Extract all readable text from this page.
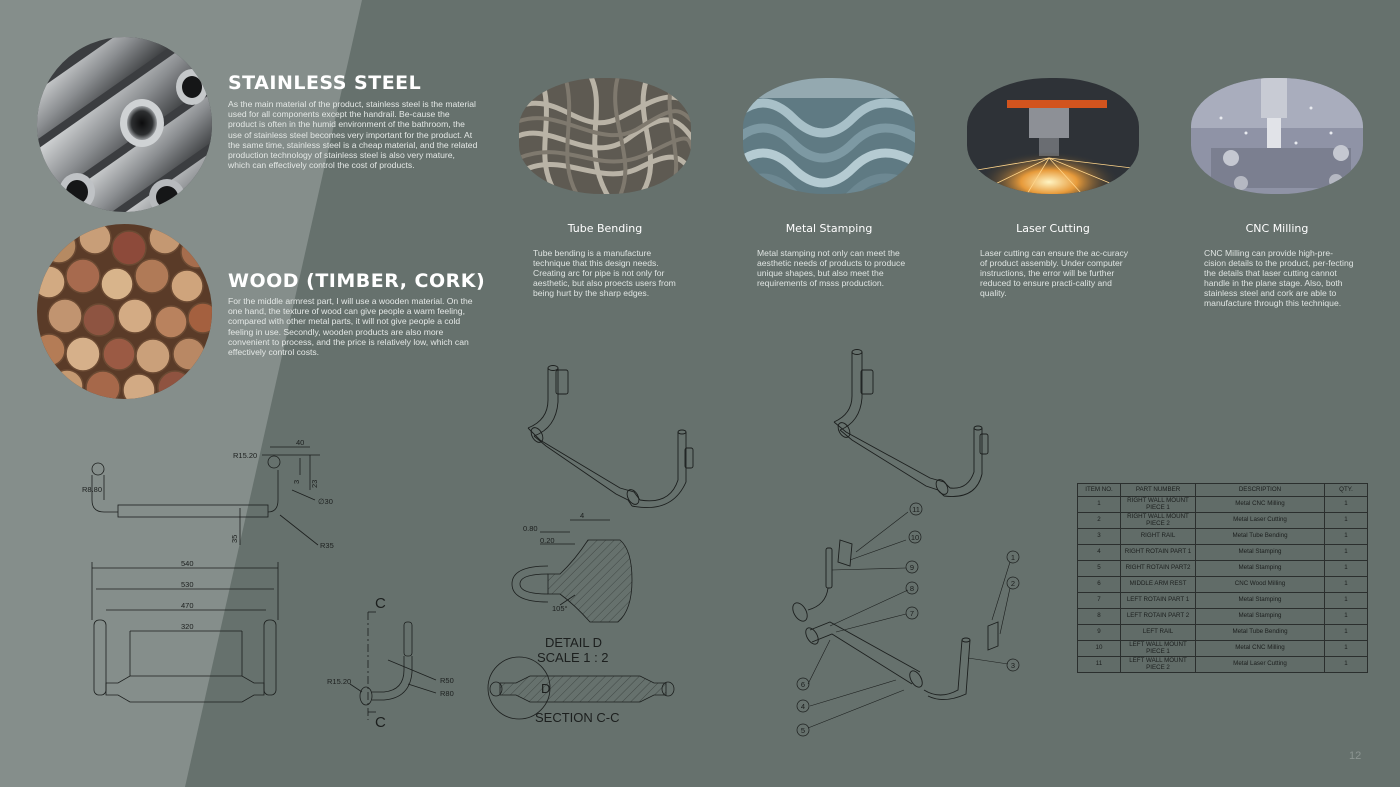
STAINLESS STEEL

As the main material of the product, stainless steel is the material used for all components except the handrail. Be-cause the product is often in the humid environment of the bathroom, the use of stainless steel becomes very important for the product. At the same time, stainless steel is a cheap material, and the related production technology of stainless steel is also very mature, which can effectively control the cost of products.

WOOD (TIMBER, CORK)

For the middle armrest part, I will use a wooden material. On the one hand, the texture of wood can give people a warm feeling, compared with other metal parts, it will not give people a cold feeling in use. Secondly, wooden products are also more convenient to process, and the price is relatively low, which can effectively control costs.

Tube Bending	Metal Stamping	Laser Cutting	CNC Milling

Tube bending is a manufacture technique that this design needs. Creating arc for pipe is not only for aesthetic, but also proects users from being hurt by the sharp edges.

Metal stamping not only can meet the aesthetic needs of products to produce unique shapes, but also meet the requirements of msss production.

Laser cutting can ensure the ac-curacy of product assembly. Under computer instructions, the error will be further reduced to ensure practi-cality and quality.

CNC Milling can provide high-pre-cision details to the product, per-fecting the details that laser cutting cannot handle in the plane stage. Also, both stainless steel and cork are able to manufacture through this technique.

R15.20
40
R8.80
3 23
∅30
35
R35
540
530
470
320
C
C
R15.20	R50
R80
0.80
0.20
4
105°
DETAIL D
SCALE 1 : 2
D
SECTION C-C
11
10
9
8
7
6
4
5
1
2
3
ITEM NO.	PART NUMBER	DESCRIPTION	QTY.
1	RIGHT WALL MOUNT PIECE 1	Metal CNC Milling	1
2	RIGHT WALL MOUNT PIECE 2	Metal Laser Cutting	1
3	RIGHT RAIL	Metal Tube Bending	1
4	RIGHT ROTAIN PART 1	Metal Stamping	1
5	RIGHT ROTAIN PART2	Metal Stamping	1
6	MIDDLE ARM REST	CNC Wood Milling	1
7	LEFT ROTAIN PART 1	Metal Stamping	1
8	LEFT ROTAIN PART 2	Metal Stamping	1
9	LEFT RAIL	Metal Tube Bending	1
10	LEFT WALL MOUNT PIECE 1	Metal CNC Milling	1
11	LEFT WALL MOUNT PIECE 2	Metal Laser Cutting	1

12
